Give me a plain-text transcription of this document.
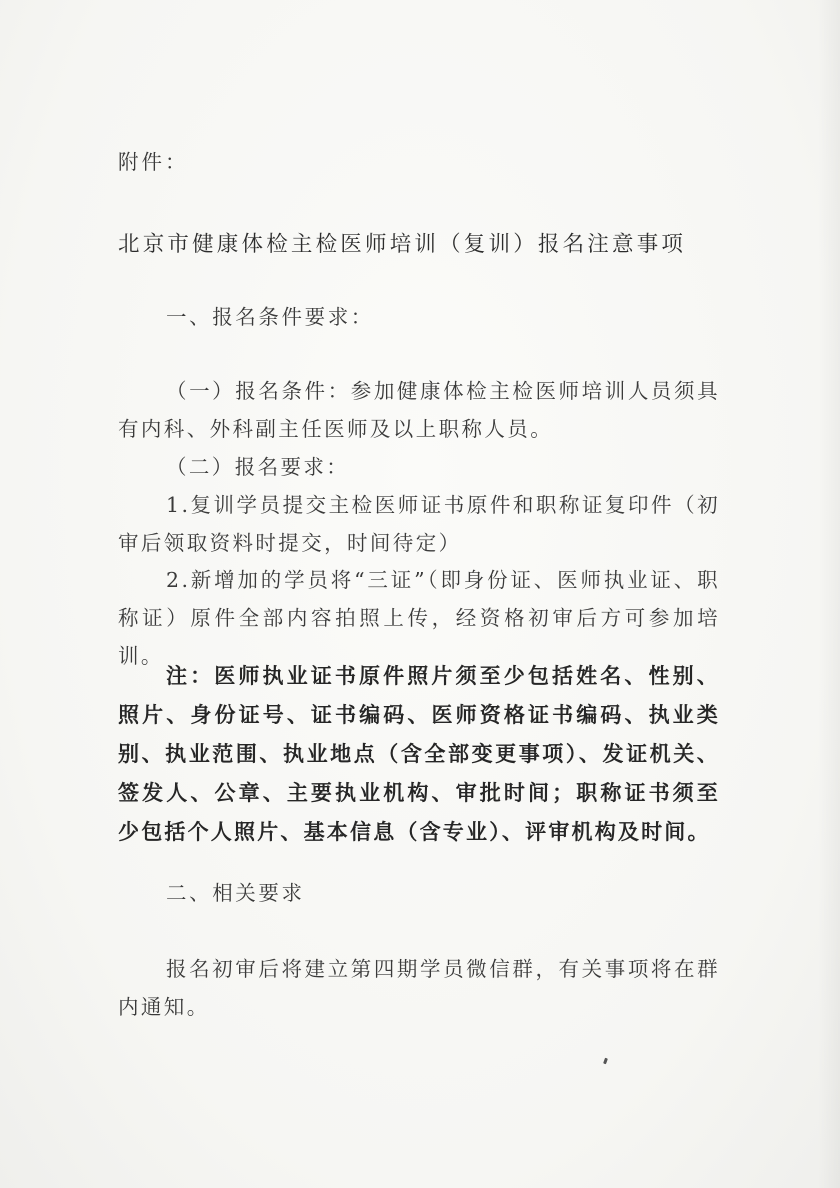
附件：
北京市健康体检主检医师培训（复训）报名注意事项
一、报名条件要求：

（一）报名条件：参加健康体检主检医师培训人员须具有内科、外科副主任医师及以上职称人员。

（二）报名要求：

1.复训学员提交主检医师证书原件和职称证复印件（初审后领取资料时提交，时间待定）

2.新增加的学员将“三证”（即身份证、医师执业证、职称证）原件全部内容拍照上传，经资格初审后方可参加培训。

注：医师执业证书原件照片须至少包括姓名、性别、照片、身份证号、证书编码、医师资格证书编码、执业类别、执业范围、执业地点（含全部变更事项）、发证机关、签发人、公章、主要执业机构、审批时间；职称证书须至少包括个人照片、基本信息（含专业）、评审机构及时间。

二、相关要求

报名初审后将建立第四期学员微信群，有关事项将在群内通知。
